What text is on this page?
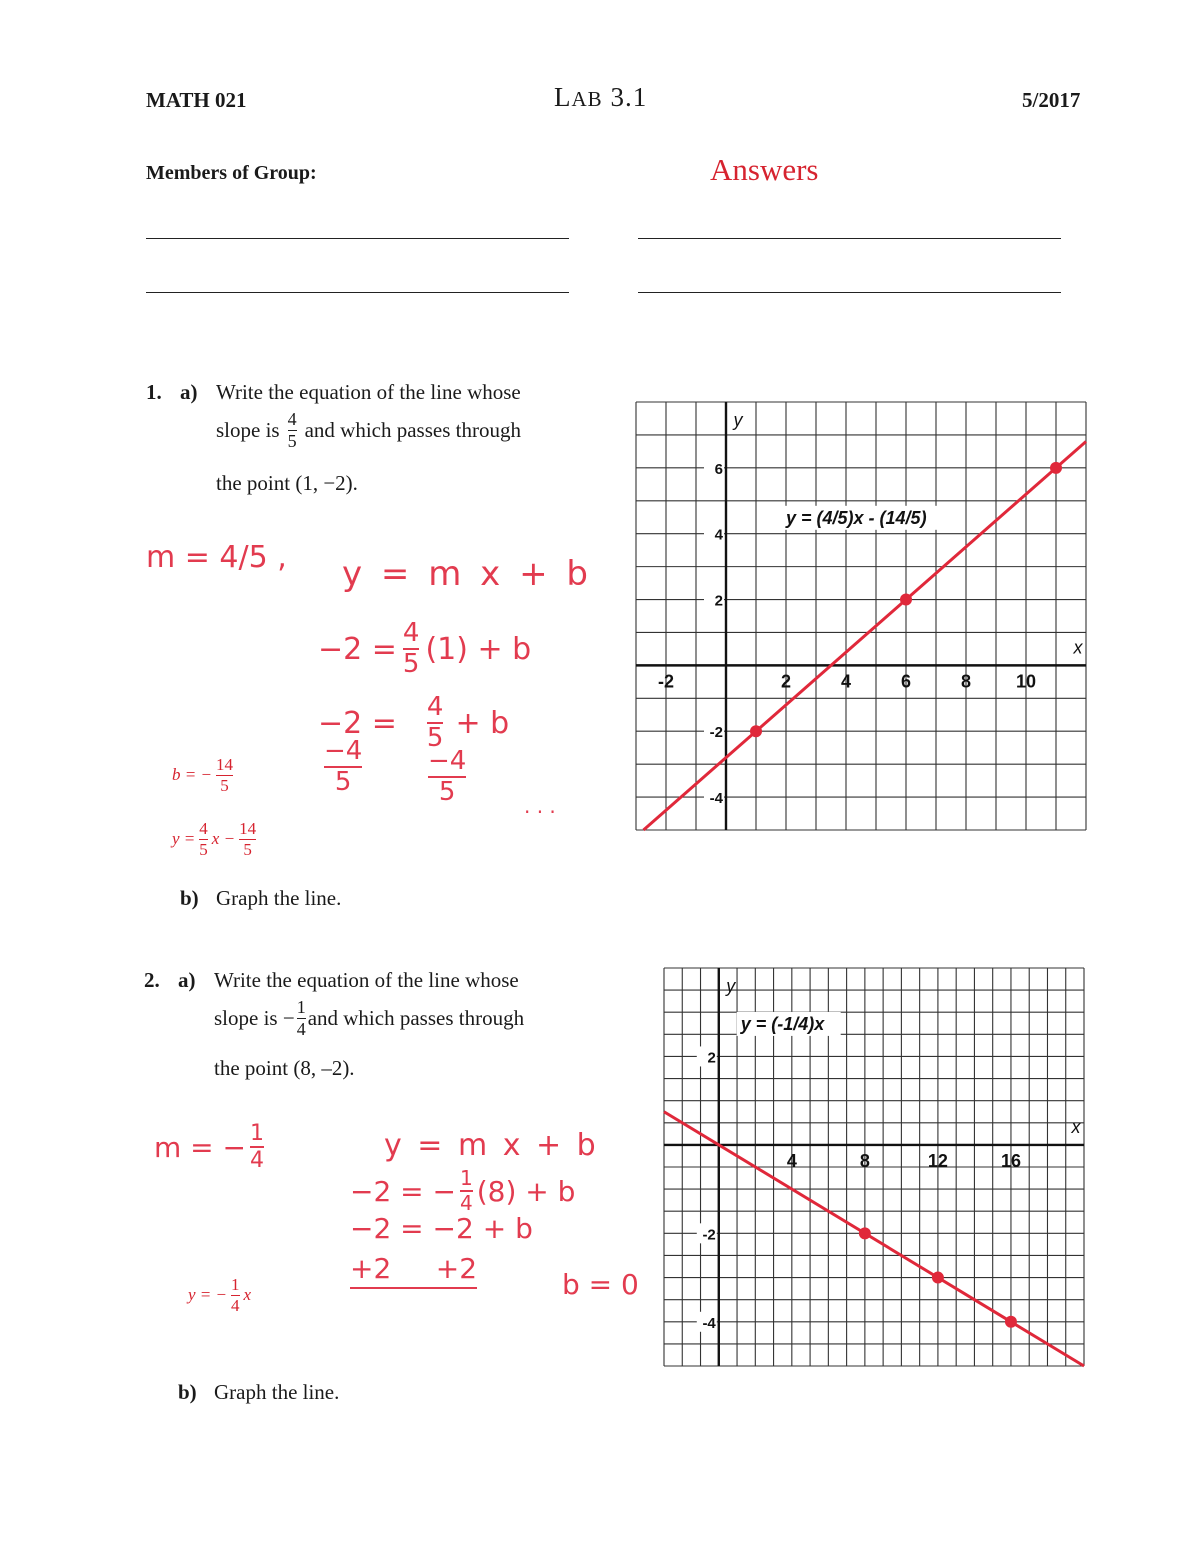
MATH 021	LAB 3.1	5/2017
Members of Group:	Answers
1. a) Write the equation of the line whose
slope is $\frac{4}{5}$ and which passes through
the point (1, −2).
m = 4/5 , y = m x + b
$-2 = \frac{4}{5} (1) + b$
$-2 = \frac{4}{5} + b$
−4
5
−4
5	. . .
b = − $\frac{14}{5}$
$y = \frac{4}{5}$ $x - \frac{14}{5}$
b) Graph the line.
-2	2	4	6	8 10
-4
-2
2
4
6
x
y
y = (4/5)x - (14/5)
2. a) Write the equation of the line whose
slope is − $\frac{1}{4}$ and which passes through
the point (8, –2).
m = − $\frac{1}{4}$	y = m x + b
−2 = − $\frac{1}{4} (8) + b$
−2 = −2 + b
+2     +2	b = 0
y = − $\frac{1}{4}$ x
b) Graph the line.
4	8	12	16
-4
-2
2
x
y
y = (-1/4)x
